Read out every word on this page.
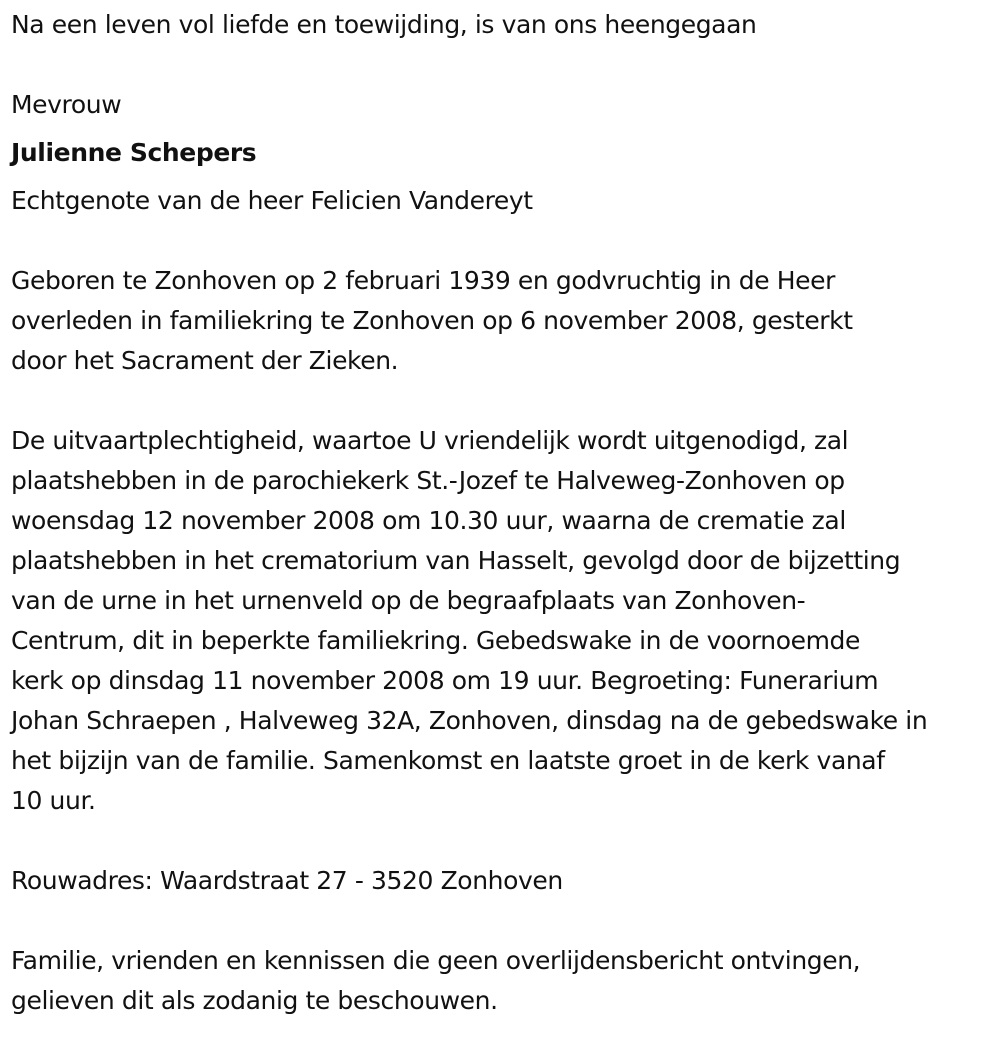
Na een leven vol liefde en toewijding, is van ons heengegaan

Mevrouw

Julienne Schepers

Echtgenote van de heer Felicien Vandereyt

Geboren te Zonhoven op 2 februari 1939 en godvruchtig in de Heer

overleden in familiekring te Zonhoven op 6 november 2008, gesterkt

door het Sacrament der Zieken.

De uitvaartplechtigheid, waartoe U vriendelijk wordt uitgenodigd, zal

plaatshebben in de parochiekerk St.-Jozef te Halveweg-Zonhoven op

woensdag 12 november 2008 om 10.30 uur, waarna de crematie zal

plaatshebben in het crematorium van Hasselt, gevolgd door de bijzetting

van de urne in het urnenveld op de begraafplaats van Zonhoven-

Centrum, dit in beperkte familiekring. Gebedswake in de voornoemde

kerk op dinsdag 11 november 2008 om 19 uur. Begroeting: Funerarium

Johan Schraepen , Halveweg 32A, Zonhoven, dinsdag na de gebedswake in

het bijzijn van de familie. Samenkomst en laatste groet in de kerk vanaf

10 uur.

Rouwadres: Waardstraat 27 - 3520 Zonhoven

Familie, vrienden en kennissen die geen overlijdensbericht ontvingen,

gelieven dit als zodanig te beschouwen.
